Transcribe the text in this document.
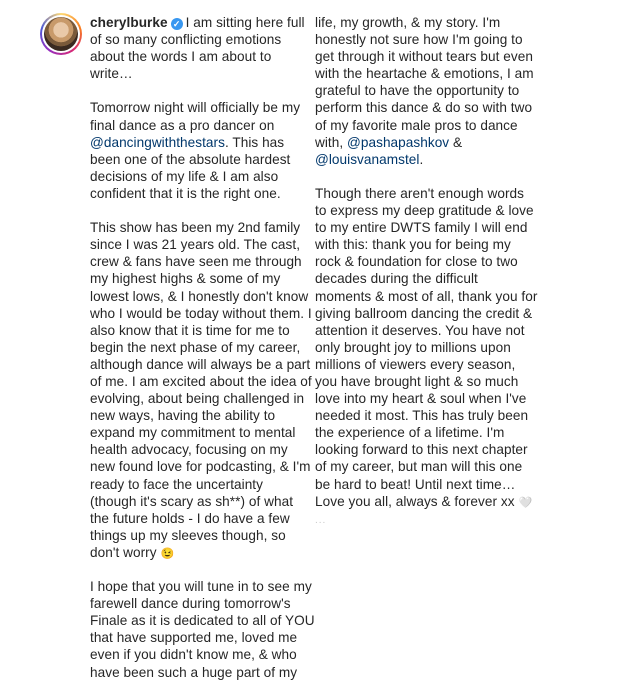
cherylburke ✓ I am sitting here full
of so many conflicting emotions
about the words I am about to
write…
Tomorrow night will officially be my
final dance as a pro dancer on
@dancingwiththestars. This has
been one of the absolute hardest
decisions of my life & I am also
confident that it is the right one.
This show has been my 2nd family
since I was 21 years old. The cast,
crew & fans have seen me through
my highest highs & some of my
lowest lows, & I honestly don't know
who I would be today without them. I
also know that it is time for me to
begin the next phase of my career,
although dance will always be a part
of me. I am excited about the idea of
evolving, about being challenged in
new ways, having the ability to
expand my commitment to mental
health advocacy, focusing on my
new found love for podcasting, & I'm
ready to face the uncertainty
(though it's scary as sh**) of what
the future holds - I do have a few
things up my sleeves though, so
don't worry 😉
I hope that you will tune in to see my
farewell dance during tomorrow's
Finale as it is dedicated to all of YOU
that have supported me, loved me
even if you didn't know me, & who
have been such a huge part of my
life, my growth, & my story. I'm
honestly not sure how I'm going to
get through it without tears but even
with the heartache & emotions, I am
grateful to have the opportunity to
perform this dance & do so with two
of my favorite male pros to dance
with, @pashapashkov &
@louisvanamstel.
Though there aren't enough words
to express my deep gratitude & love
to my entire DWTS family I will end
with this: thank you for being my
rock & foundation for close to two
decades during the difficult
moments & most of all, thank you for
giving ballroom dancing the credit &
attention it deserves. You have not
only brought joy to millions upon
millions of viewers every season,
you have brought light & so much
love into my heart & soul when I've
needed it most. This has truly been
the experience of a lifetime. I'm
looking forward to this next chapter
of my career, but man will this one
be hard to beat! Until next time…
Love you all, always & forever xx 🤍
...
